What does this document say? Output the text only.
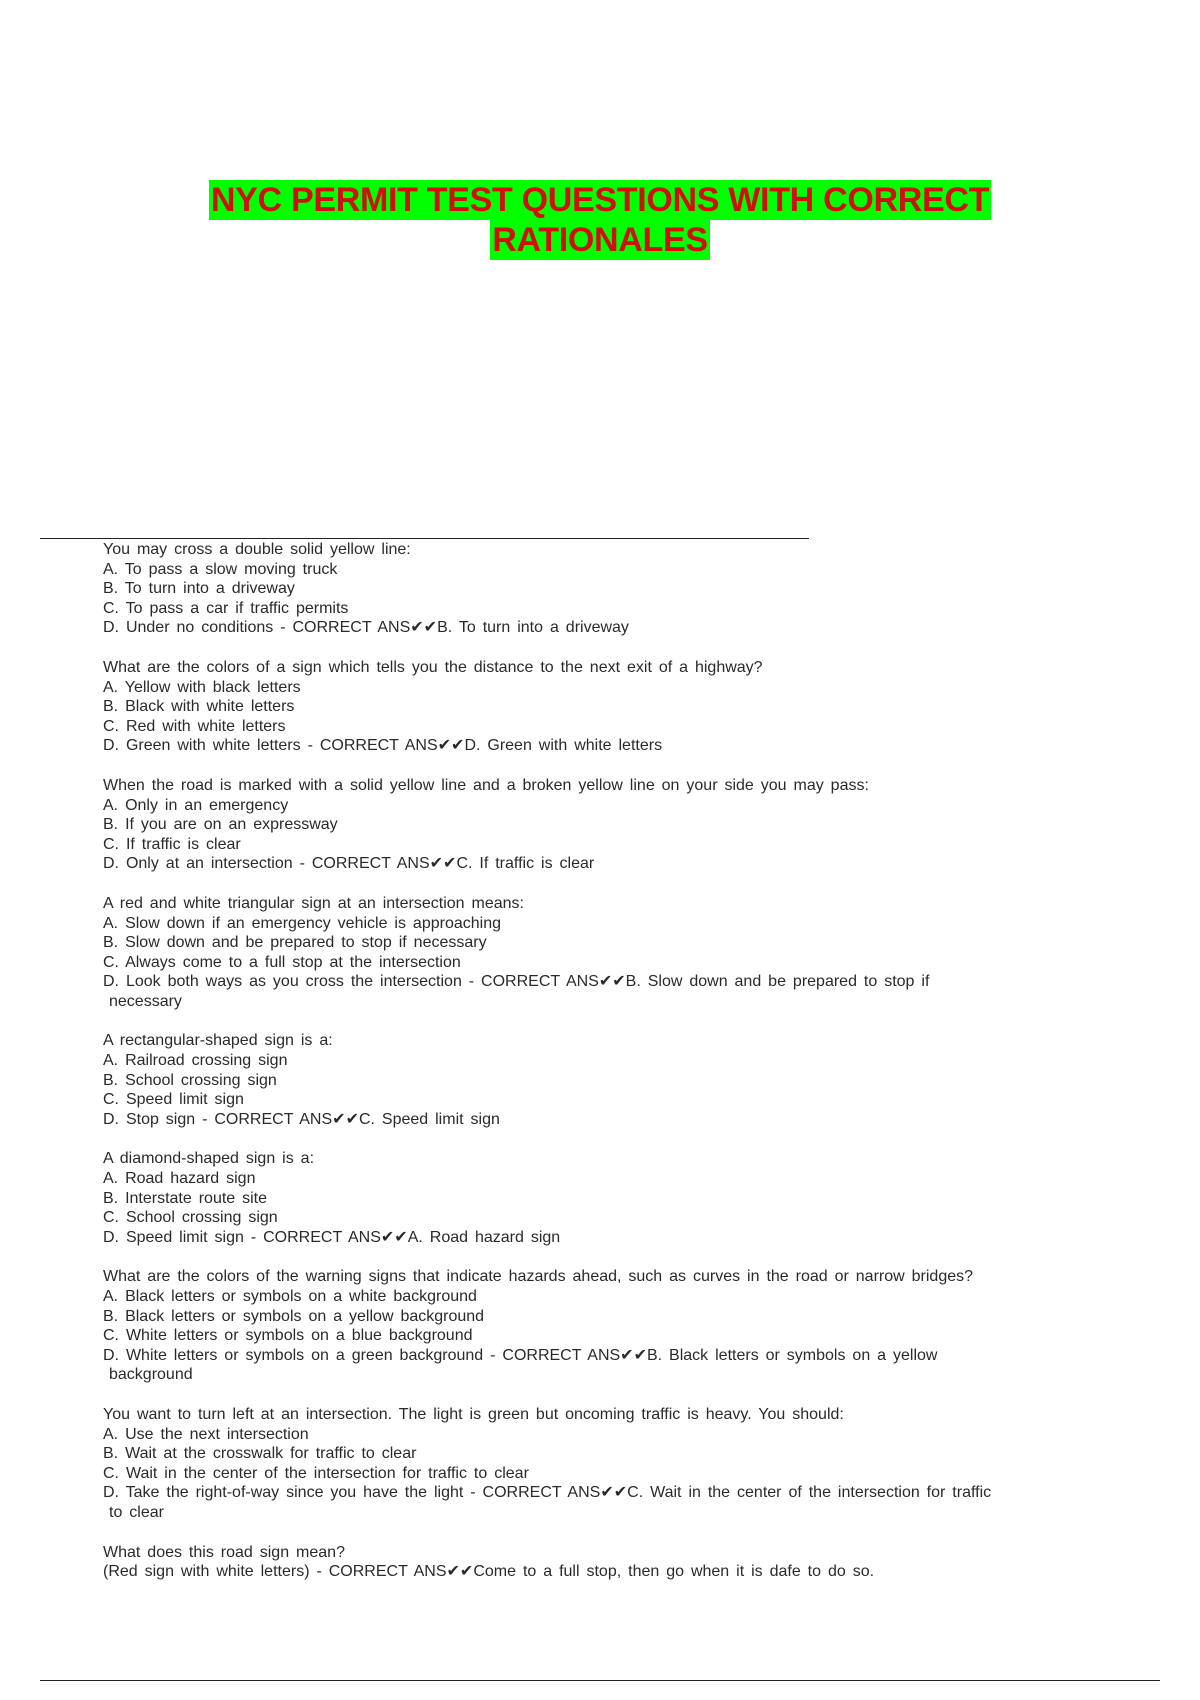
NYC PERMIT TEST QUESTIONS WITH CORRECT
RATIONALES
You may cross a double solid yellow line:
A. To pass a slow moving truck
B. To turn into a driveway
C. To pass a car if traffic permits
D. Under no conditions - CORRECT ANS✔✔B. To turn into a driveway
What are the colors of a sign which tells you the distance to the next exit of a highway?
A. Yellow with black letters
B. Black with white letters
C. Red with white letters
D. Green with white letters - CORRECT ANS✔✔D. Green with white letters
When the road is marked with a solid yellow line and a broken yellow line on your side you may pass:
A. Only in an emergency
B. If you are on an expressway
C. If traffic is clear
D. Only at an intersection - CORRECT ANS✔✔C. If traffic is clear
A red and white triangular sign at an intersection means:
A. Slow down if an emergency vehicle is approaching
B. Slow down and be prepared to stop if necessary
C. Always come to a full stop at the intersection
D. Look both ways as you cross the intersection - CORRECT ANS✔✔B. Slow down and be prepared to stop if
necessary
A rectangular-shaped sign is a:
A. Railroad crossing sign
B. School crossing sign
C. Speed limit sign
D. Stop sign - CORRECT ANS✔✔C. Speed limit sign
A diamond-shaped sign is a:
A. Road hazard sign
B. Interstate route site
C. School crossing sign
D. Speed limit sign - CORRECT ANS✔✔A. Road hazard sign
What are the colors of the warning signs that indicate hazards ahead, such as curves in the road or narrow bridges?
A. Black letters or symbols on a white background
B. Black letters or symbols on a yellow background
C. White letters or symbols on a blue background
D. White letters or symbols on a green background - CORRECT ANS✔✔B. Black letters or symbols on a yellow
background
You want to turn left at an intersection. The light is green but oncoming traffic is heavy. You should:
A. Use the next intersection
B. Wait at the crosswalk for traffic to clear
C. Wait in the center of the intersection for traffic to clear
D. Take the right-of-way since you have the light - CORRECT ANS✔✔C. Wait in the center of the intersection for traffic
to clear
What does this road sign mean?
(Red sign with white letters) - CORRECT ANS✔✔Come to a full stop, then go when it is dafe to do so.
